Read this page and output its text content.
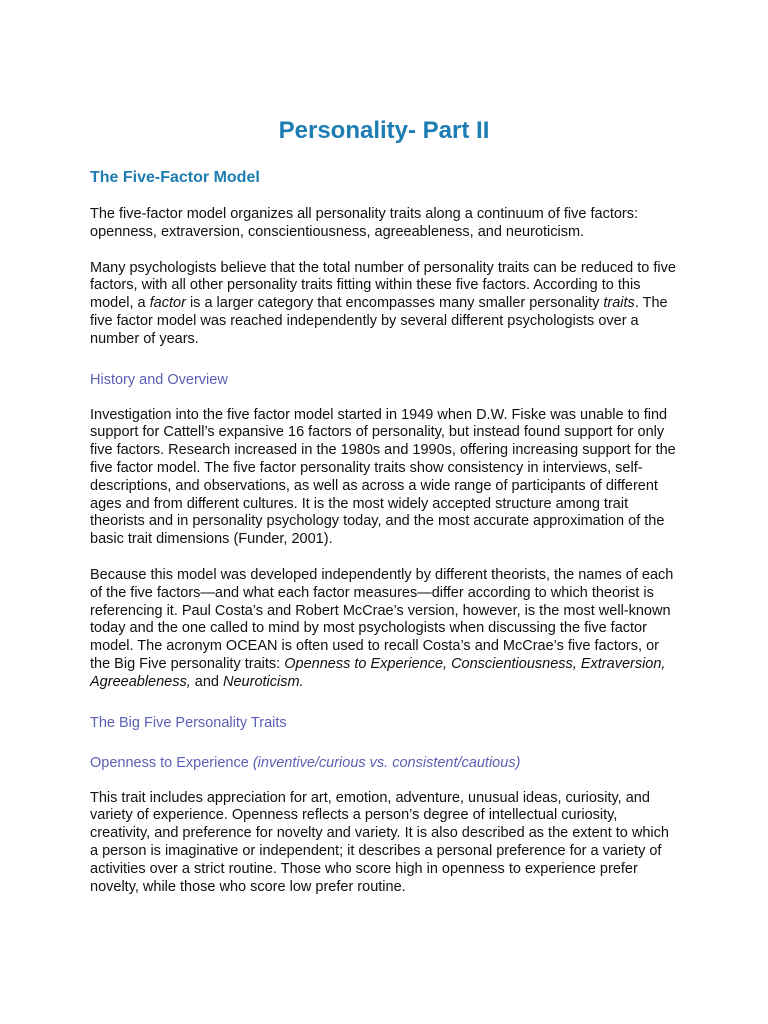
Personality- Part II
The Five-Factor Model

The five-factor model organizes all personality traits along a continuum of five factors: openness, extraversion, conscientiousness, agreeableness, and neuroticism.

Many psychologists believe that the total number of personality traits can be reduced to five factors, with all other personality traits fitting within these five factors. According to this model, a factor is a larger category that encompasses many smaller personality traits. The five factor model was reached independently by several different psychologists over a number of years.

History and Overview

Investigation into the five factor model started in 1949 when D.W. Fiske was unable to find support for Cattell’s expansive 16 factors of personality, but instead found support for only five factors. Research increased in the 1980s and 1990s, offering increasing support for the five factor model. The five factor personality traits show consistency in interviews, self-descriptions, and observations, as well as across a wide range of participants of different ages and from different cultures. It is the most widely accepted structure among trait theorists and in personality psychology today, and the most accurate approximation of the basic trait dimensions (Funder, 2001).

Because this model was developed independently by different theorists, the names of each of the five factors—and what each factor measures—differ according to which theorist is referencing it. Paul Costa’s and Robert McCrae’s version, however, is the most well-known today and the one called to mind by most psychologists when discussing the five factor model. The acronym OCEAN is often used to recall Costa’s and McCrae’s five factors, or the Big Five personality traits: Openness to Experience, Conscientiousness, Extraversion, Agreeableness, and Neuroticism.

The Big Five Personality Traits
Openness to Experience (inventive/curious vs. consistent/cautious)

This trait includes appreciation for art, emotion, adventure, unusual ideas, curiosity, and variety of experience. Openness reflects a person’s degree of intellectual curiosity, creativity, and preference for novelty and variety. It is also described as the extent to which a person is imaginative or independent; it describes a personal preference for a variety of activities over a strict routine. Those who score high in openness to experience prefer novelty, while those who score low prefer routine.
